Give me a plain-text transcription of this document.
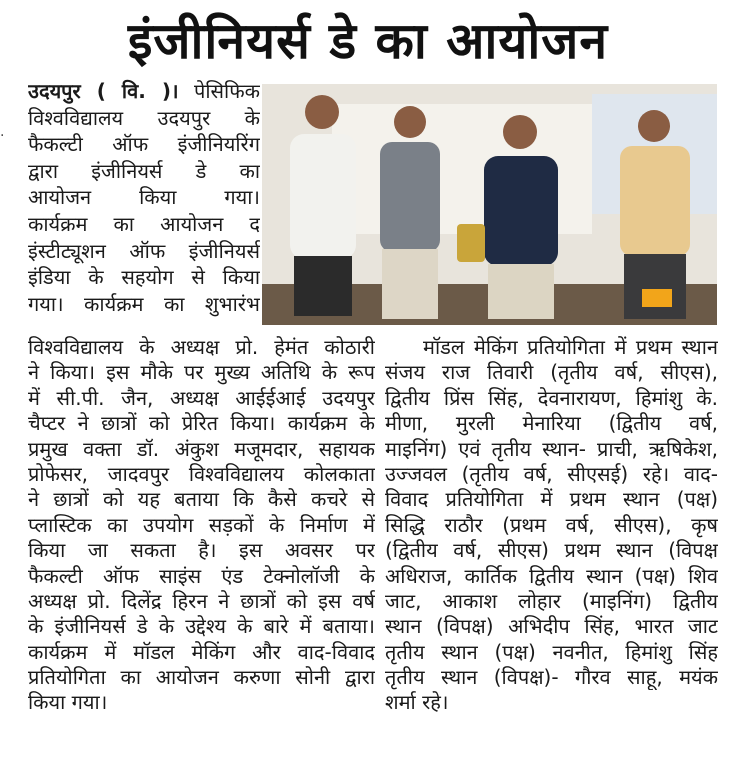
·
इंजीनियर्स डे का आयोजन
उदयपुर ( वि. )। पेसिफिक
विश्वविद्यालय उदयपुर के
फैकल्टी ऑफ इंजीनियरिंग
द्वारा इंजीनियर्स डे का
आयोजन किया गया।
कार्यक्रम का आयोजन द
इंस्टीट्यूशन ऑफ इंजीनियर्स
इंडिया के सहयोग से किया
गया। कार्यक्रम का शुभारंभ
विश्वविद्यालय के अध्यक्ष प्रो. हेमंत कोठारी
ने किया। इस मौके पर मुख्य अतिथि के रूप
में सी.पी. जैन, अध्यक्ष आईईआई उदयपुर
चैप्टर ने छात्रों को प्रेरित किया। कार्यक्रम के
प्रमुख वक्ता डॉ. अंकुश मजूमदार, सहायक
प्रोफेसर, जादवपुर विश्वविद्यालय कोलकाता
ने छात्रों को यह बताया कि कैसे कचरे से
प्लास्टिक का उपयोग सड़कों के निर्माण में
किया जा सकता है। इस अवसर पर
फैकल्टी ऑफ साइंस एंड टेक्नोलॉजी के
अध्यक्ष प्रो. दिलेंद्र हिरन ने छात्रों को इस वर्ष
के इंजीनियर्स डे के उद्देश्य के बारे में बताया।
कार्यक्रम में मॉडल मेकिंग और वाद-विवाद
प्रतियोगिता का आयोजन करुणा सोनी द्वारा
किया गया।
मॉडल मेकिंग प्रतियोगिता में प्रथम स्थान
संजय राज तिवारी (तृतीय वर्ष, सीएस),
द्वितीय प्रिंस सिंह, देवनारायण, हिमांशु के.
मीणा, मुरली मेनारिया (द्वितीय वर्ष,
माइनिंग) एवं तृतीय स्थान- प्राची, ऋषिकेश,
उज्जवल (तृतीय वर्ष, सीएसई) रहे। वाद-
विवाद प्रतियोगिता में प्रथम स्थान (पक्ष)
सिद्धि राठौर (प्रथम वर्ष, सीएस), कृष
(द्वितीय वर्ष, सीएस) प्रथम स्थान (विपक्ष
अधिराज, कार्तिक द्वितीय स्थान (पक्ष) शिव
जाट, आकाश लोहार (माइनिंग) द्वितीय
स्थान (विपक्ष) अभिदीप सिंह, भारत जाट
तृतीय स्थान (पक्ष) नवनीत, हिमांशु सिंह
तृतीय स्थान (विपक्ष)- गौरव साहू, मयंक
शर्मा रहे।
